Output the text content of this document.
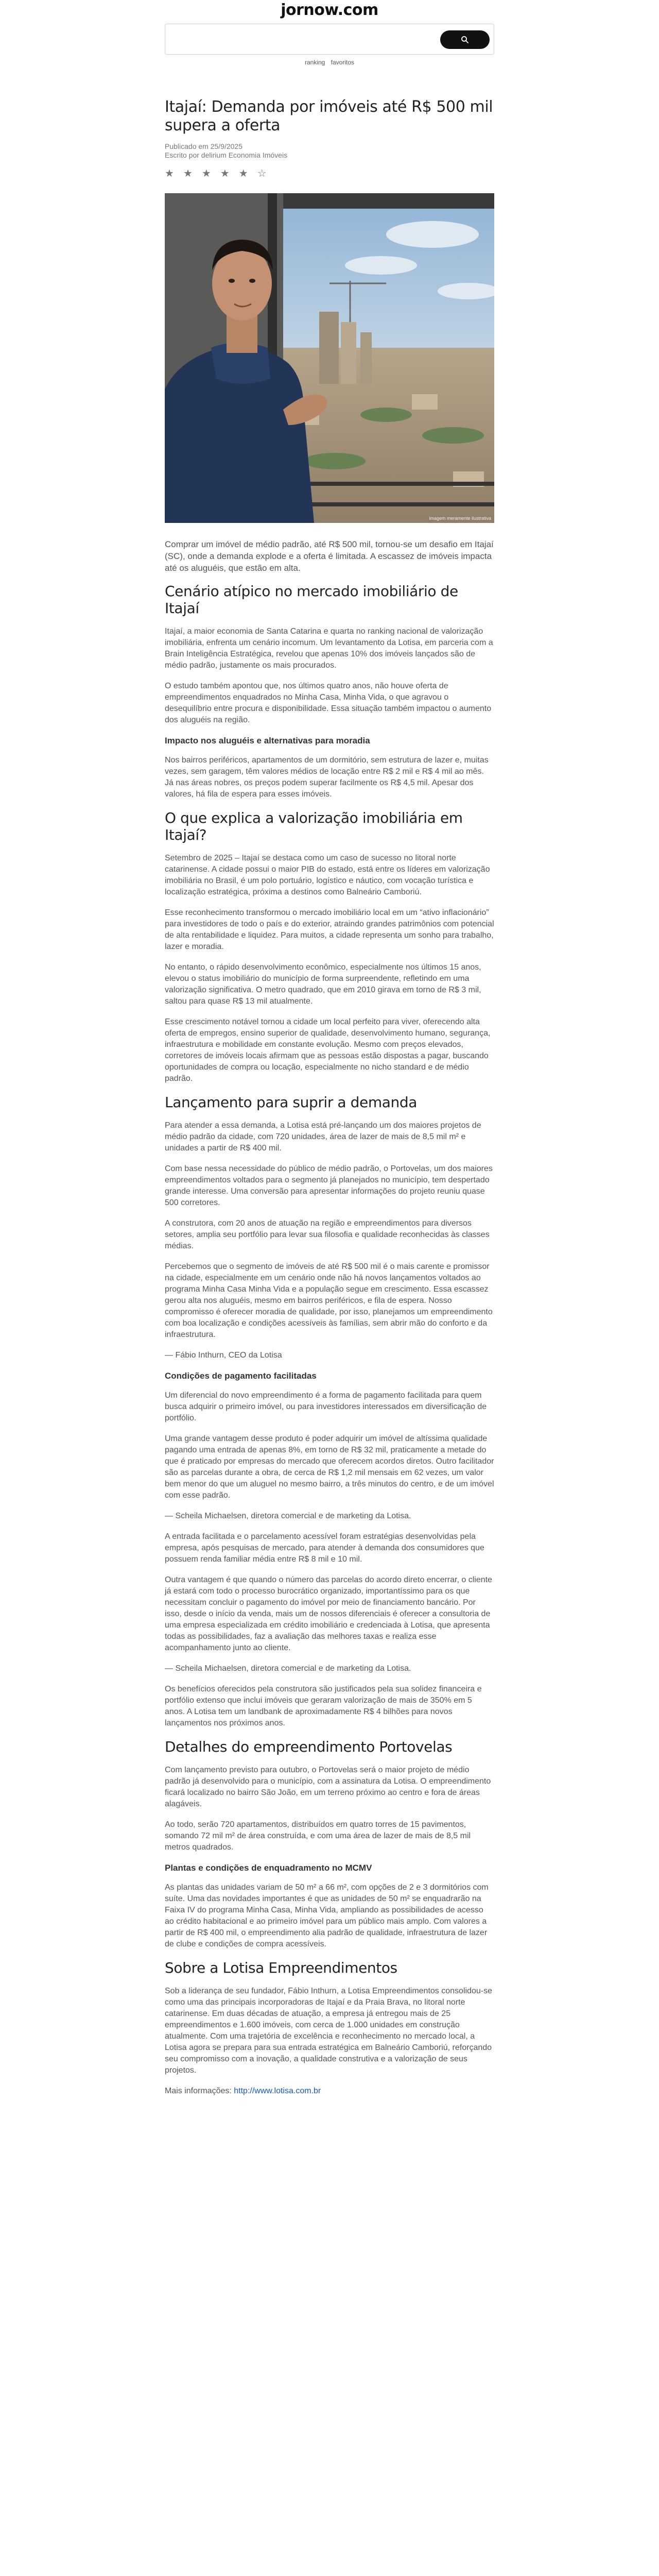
jornow.com
ranking favoritos
Itajaí: Demanda por imóveis até R$ 500 mil supera a oferta

Publicado em 25/9/2025

Escrito por delirium Economia Imóveis

★ ★ ★ ★ ★ ☆
imagem meramente ilustrativa

Comprar um imóvel de médio padrão, até R$ 500 mil, tornou-se um desafio em Itajaí (SC), onde a demanda explode e a oferta é limitada. A escassez de imóveis impacta até os aluguéis, que estão em alta.

Cenário atípico no mercado imobiliário de Itajaí

Itajaí, a maior economia de Santa Catarina e quarta no ranking nacional de valorização imobiliária, enfrenta um cenário incomum. Um levantamento da Lotisa, em parceria com a Brain Inteligência Estratégica, revelou que apenas 10% dos imóveis lançados são de médio padrão, justamente os mais procurados.

O estudo também apontou que, nos últimos quatro anos, não houve oferta de empreendimentos enquadrados no Minha Casa, Minha Vida, o que agravou o desequilíbrio entre procura e disponibilidade. Essa situação também impactou o aumento dos aluguéis na região.

Impacto nos aluguéis e alternativas para moradia

Nos bairros periféricos, apartamentos de um dormitório, sem estrutura de lazer e, muitas vezes, sem garagem, têm valores médios de locação entre R$ 2 mil e R$ 4 mil ao mês. Já nas áreas nobres, os preços podem superar facilmente os R$ 4,5 mil. Apesar dos valores, há fila de espera para esses imóveis.

O que explica a valorização imobiliária em Itajaí?

Setembro de 2025 – Itajaí se destaca como um caso de sucesso no litoral norte catarinense. A cidade possui o maior PIB do estado, está entre os líderes em valorização imobiliária no Brasil, é um polo portuário, logístico e náutico, com vocação turística e localização estratégica, próxima a destinos como Balneário Camboriú.

Esse reconhecimento transformou o mercado imobiliário local em um “ativo inflacionário” para investidores de todo o país e do exterior, atraindo grandes patrimônios com potencial de alta rentabilidade e liquidez. Para muitos, a cidade representa um sonho para trabalho, lazer e moradia.

No entanto, o rápido desenvolvimento econômico, especialmente nos últimos 15 anos, elevou o status imobiliário do município de forma surpreendente, refletindo em uma valorização significativa. O metro quadrado, que em 2010 girava em torno de R$ 3 mil, saltou para quase R$ 13 mil atualmente.

Esse crescimento notável tornou a cidade um local perfeito para viver, oferecendo alta oferta de empregos, ensino superior de qualidade, desenvolvimento humano, segurança, infraestrutura e mobilidade em constante evolução. Mesmo com preços elevados, corretores de imóveis locais afirmam que as pessoas estão dispostas a pagar, buscando oportunidades de compra ou locação, especialmente no nicho standard e de médio padrão.

Lançamento para suprir a demanda

Para atender a essa demanda, a Lotisa está pré-lançando um dos maiores projetos de médio padrão da cidade, com 720 unidades, área de lazer de mais de 8,5 mil m² e unidades a partir de R$ 400 mil.

Com base nessa necessidade do público de médio padrão, o Portovelas, um dos maiores empreendimentos voltados para o segmento já planejados no município, tem despertado grande interesse. Uma conversão para apresentar informações do projeto reuniu quase 500 corretores.

A construtora, com 20 anos de atuação na região e empreendimentos para diversos setores, amplia seu portfólio para levar sua filosofia e qualidade reconhecidas às classes médias.

Percebemos que o segmento de imóveis de até R$ 500 mil é o mais carente e promissor na cidade, especialmente em um cenário onde não há novos lançamentos voltados ao programa Minha Casa Minha Vida e a população segue em crescimento. Essa escassez gerou alta nos aluguéis, mesmo em bairros periféricos, e fila de espera. Nosso compromisso é oferecer moradia de qualidade, por isso, planejamos um empreendimento com boa localização e condições acessíveis às famílias, sem abrir mão do conforto e da infraestrutura.

— Fábio Inthurn, CEO da Lotisa

Condições de pagamento facilitadas

Um diferencial do novo empreendimento é a forma de pagamento facilitada para quem busca adquirir o primeiro imóvel, ou para investidores interessados em diversificação de portfólio.

Uma grande vantagem desse produto é poder adquirir um imóvel de altíssima qualidade pagando uma entrada de apenas 8%, em torno de R$ 32 mil, praticamente a metade do que é praticado por empresas do mercado que oferecem acordos diretos. Outro facilitador são as parcelas durante a obra, de cerca de R$ 1,2 mil mensais em 62 vezes, um valor bem menor do que um aluguel no mesmo bairro, a três minutos do centro, e de um imóvel com esse padrão.

— Scheila Michaelsen, diretora comercial e de marketing da Lotisa.

A entrada facilitada e o parcelamento acessível foram estratégias desenvolvidas pela empresa, após pesquisas de mercado, para atender à demanda dos consumidores que possuem renda familiar média entre R$ 8 mil e 10 mil.

Outra vantagem é que quando o número das parcelas do acordo direto encerrar, o cliente já estará com todo o processo burocrático organizado, importantíssimo para os que necessitam concluir o pagamento do imóvel por meio de financiamento bancário. Por isso, desde o início da venda, mais um de nossos diferenciais é oferecer a consultoria de uma empresa especializada em crédito imobiliário e credenciada à Lotisa, que apresenta todas as possibilidades, faz a avaliação das melhores taxas e realiza esse acompanhamento junto ao cliente.

— Scheila Michaelsen, diretora comercial e de marketing da Lotisa.

Os benefícios oferecidos pela construtora são justificados pela sua solidez financeira e portfólio extenso que inclui imóveis que geraram valorização de mais de 350% em 5 anos. A Lotisa tem um landbank de aproximadamente R$ 4 bilhões para novos lançamentos nos próximos anos.

Detalhes do empreendimento Portovelas

Com lançamento previsto para outubro, o Portovelas será o maior projeto de médio padrão já desenvolvido para o município, com a assinatura da Lotisa. O empreendimento ficará localizado no bairro São João, em um terreno próximo ao centro e fora de áreas alagáveis.

Ao todo, serão 720 apartamentos, distribuídos em quatro torres de 15 pavimentos, somando 72 mil m² de área construída, e com uma área de lazer de mais de 8,5 mil metros quadrados.

Plantas e condições de enquadramento no MCMV

As plantas das unidades variam de 50 m² a 66 m², com opções de 2 e 3 dormitórios com suíte. Uma das novidades importantes é que as unidades de 50 m² se enquadrarão na Faixa IV do programa Minha Casa, Minha Vida, ampliando as possibilidades de acesso ao crédito habitacional e ao primeiro imóvel para um público mais amplo. Com valores a partir de R$ 400 mil, o empreendimento alia padrão de qualidade, infraestrutura de lazer de clube e condições de compra acessíveis.

Sobre a Lotisa Empreendimentos

Sob a liderança de seu fundador, Fábio Inthurn, a Lotisa Empreendimentos consolidou-se como uma das principais incorporadoras de Itajaí e da Praia Brava, no litoral norte catarinense. Em duas décadas de atuação, a empresa já entregou mais de 25 empreendimentos e 1.600 imóveis, com cerca de 1.000 unidades em construção atualmente. Com uma trajetória de excelência e reconhecimento no mercado local, a Lotisa agora se prepara para sua entrada estratégica em Balneário Camboriú, reforçando seu compromisso com a inovação, a qualidade construtiva e a valorização de seus projetos.

Mais informações: http://www.lotisa.com.br
